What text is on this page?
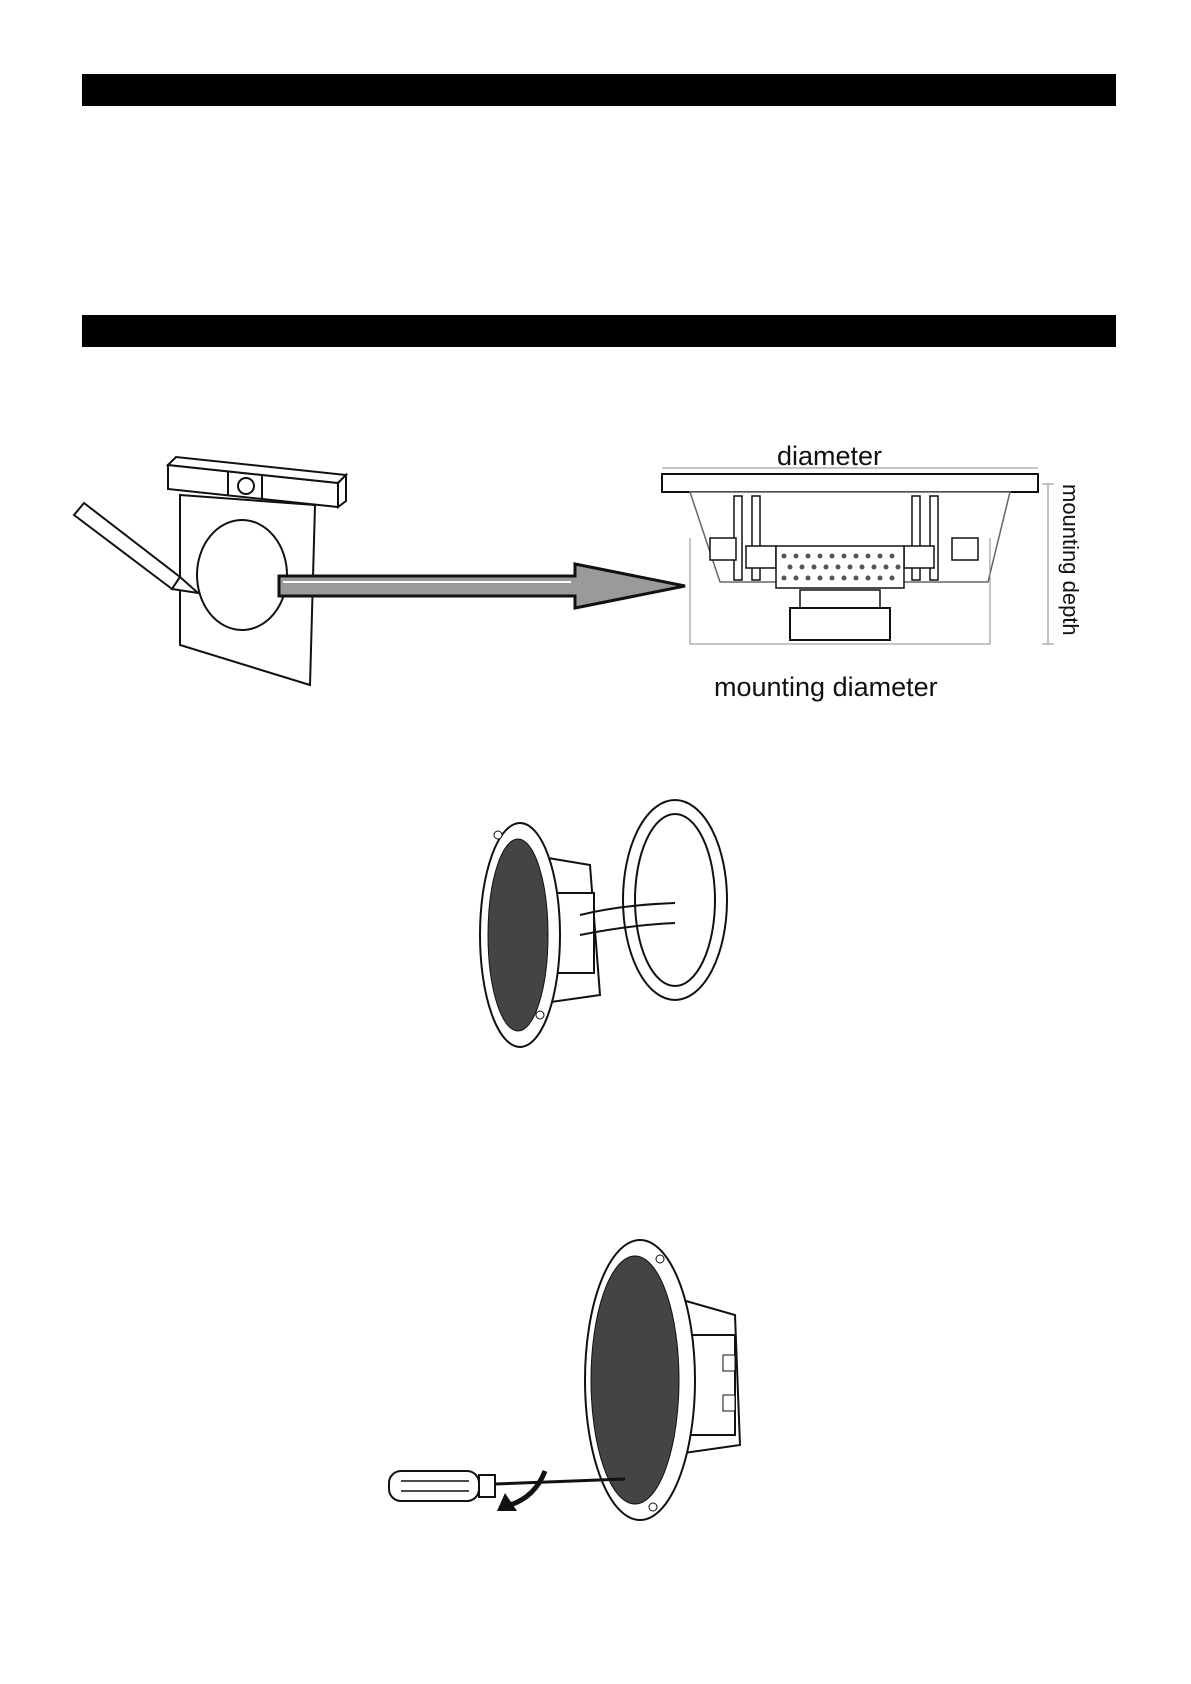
diameter
mounting diameter
mounting depth
